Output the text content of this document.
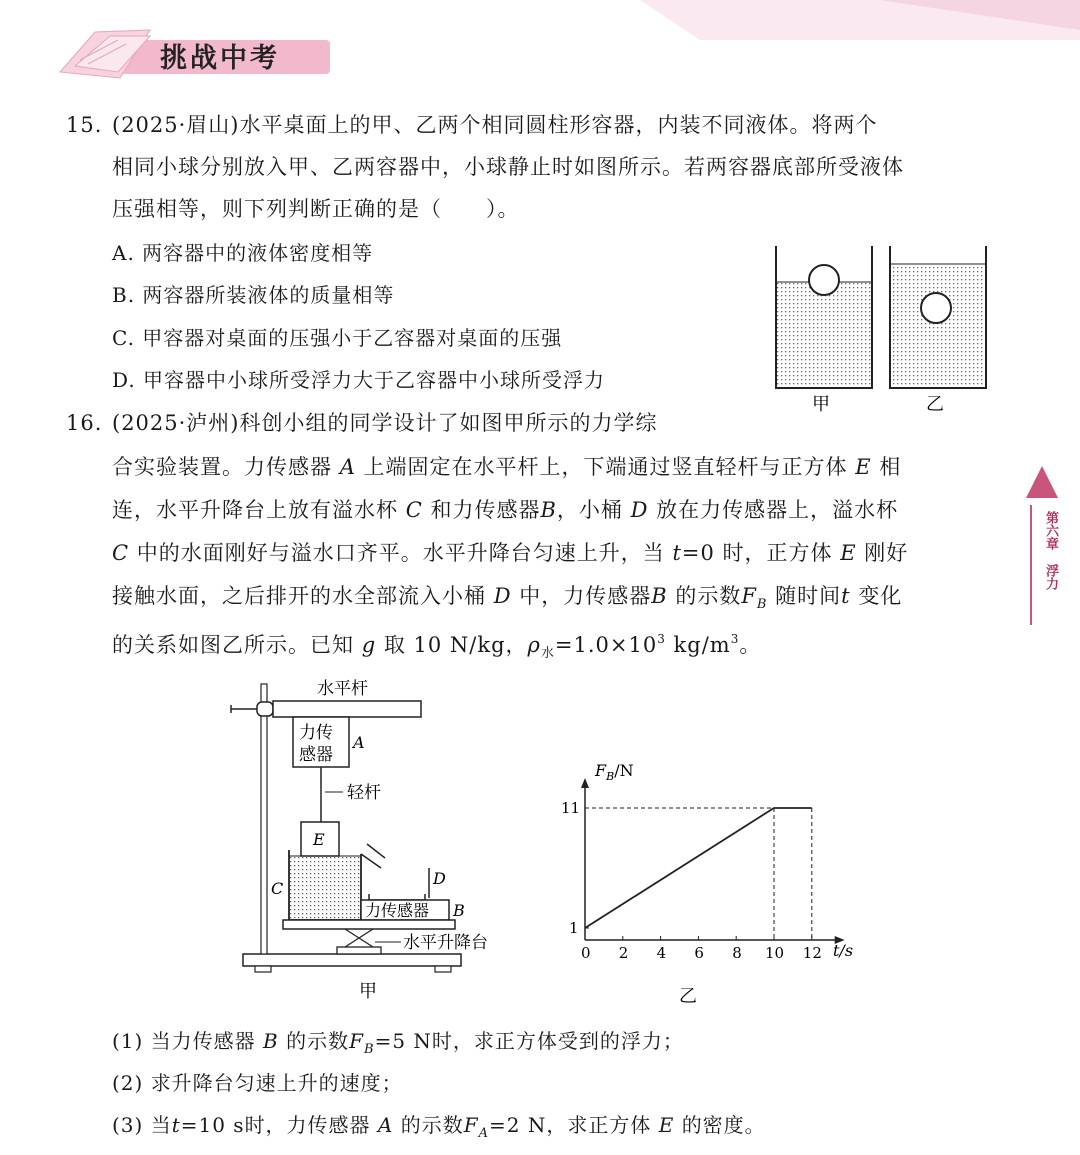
挑战中考
第六章
浮力
15. (2025·眉山)水平桌面上的甲、乙两个相同圆柱形容器，内装不同液体。将两个
相同小球分别放入甲、乙两容器中，小球静止时如图所示。若两容器底部所受液体
压强相等，则下列判断正确的是（　　）。
A. 两容器中的液体密度相等
B. 两容器所装液体的质量相等
C. 甲容器对桌面的压强小于乙容器对桌面的压强
D. 甲容器中小球所受浮力大于乙容器中小球所受浮力
甲	乙
16. (2025·泸州)科创小组的同学设计了如图甲所示的力学综
合实验装置。力传感器 A 上端固定在水平杆上，下端通过竖直轻杆与正方体 E 相
连，水平升降台上放有溢水杯 C 和力传感器B，小桶 D 放在力传感器上，溢水杯
C 中的水面刚好与溢水口齐平。水平升降台匀速上升，当 t=0 时，正方体 E 刚好
接触水面，之后排开的水全部流入小桶 D 中，力传感器B 的示数$F_B$ 随时间t 变化
的关系如图乙所示。已知 g 取 10 N/kg，$\rho_水=1.0\times 10^3$ $kg/m^3$。
水平杆
力传
感器
A
轻杆
E
C
D
力传感器 B
水平升降台
甲
$F_B/N$
t/s
乙
0 2 4 6 8 10 12
1
11
(1) 当力传感器 B 的示数$F_B=5$ N时，求正方体受到的浮力；
(2) 求升降台匀速上升的速度；
(3) 当t=10 s时，力传感器 A 的示数$F_A=2$ N，求正方体 E 的密度。
